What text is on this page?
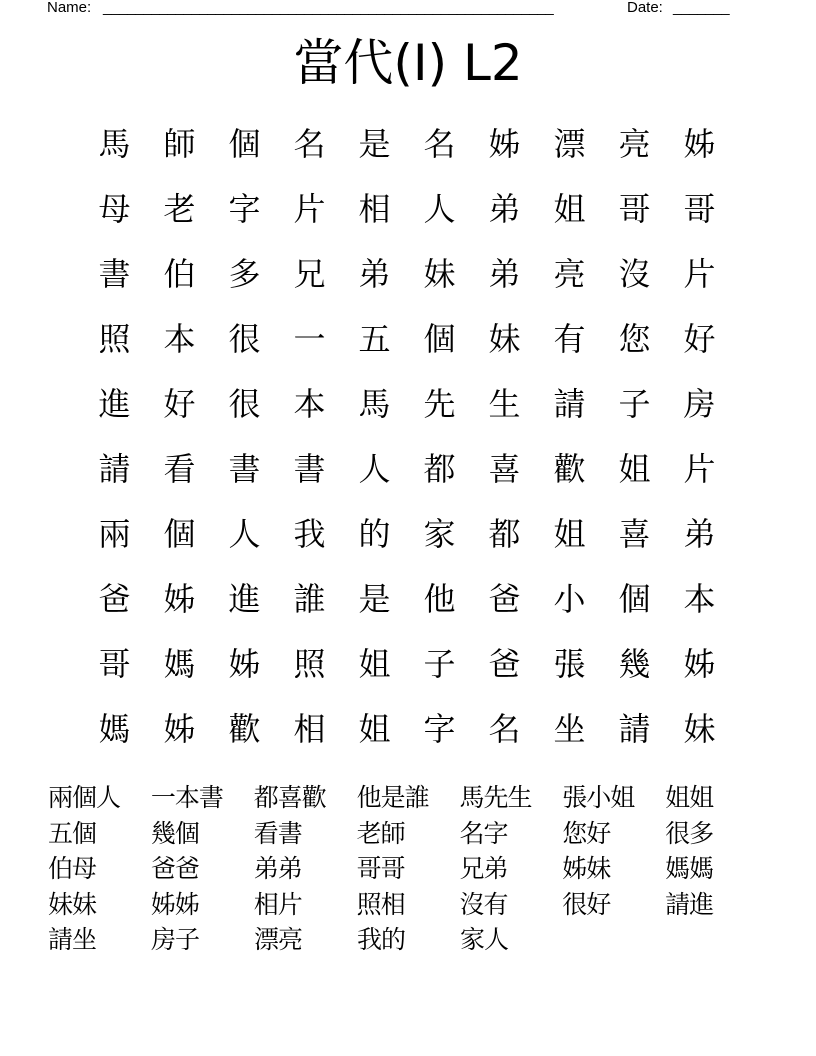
Name: ________________________________________________________	Date: _______
當代(I) L2
馬	師	個	名	是	名	姊	漂	亮	姊
母	老	字	片	相	人	弟	姐	哥	哥
書	伯	多	兄	弟	妹	弟	亮	沒	片
照	本	很	一	五	個	妹	有	您	好
進	好	很	本	馬	先	生	請	子	房
請	看	書	書	人	都	喜	歡	姐	片
兩	個	人	我	的	家	都	姐	喜	弟
爸	姊	進	誰	是	他	爸	小	個	本
哥	媽	姊	照	姐	子	爸	張	幾	姊
媽	姊	歡	相	姐	字	名	坐	請	妹
兩個人	一本書	都喜歡	他是誰	馬先生	張小姐	姐姐
五個	幾個	看書	老師	名字	您好	很多
伯母	爸爸	弟弟	哥哥	兄弟	姊妹	媽媽
妹妹	姊姊	相片	照相	沒有	很好	請進
請坐	房子	漂亮	我的	家人
